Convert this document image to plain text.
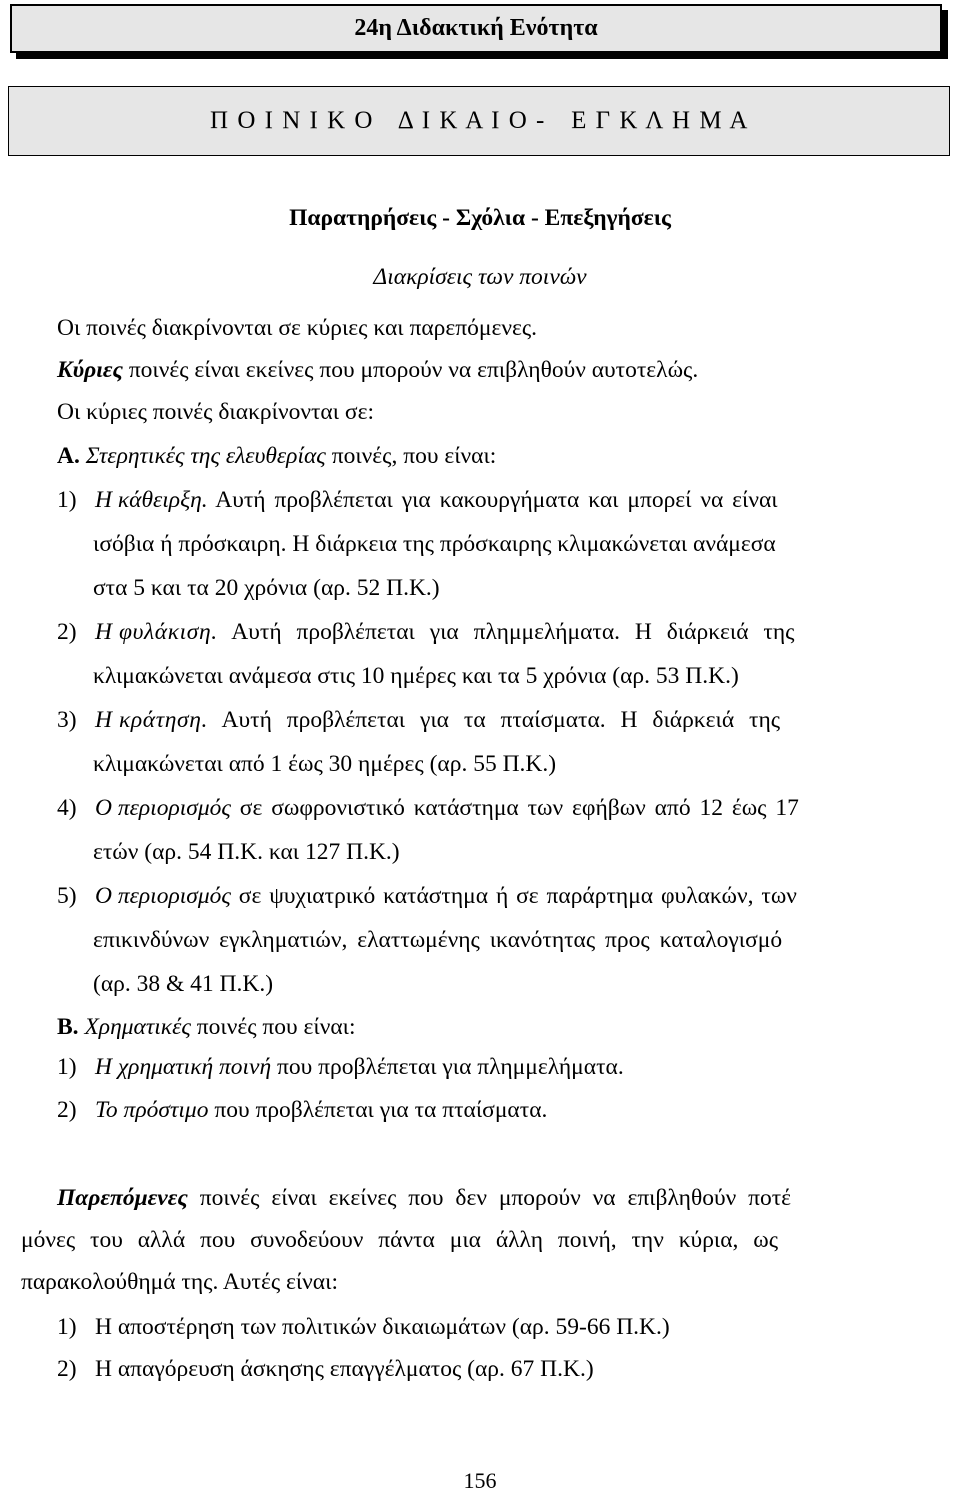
24η Διδακτική Ενότητα
Π Ο Ι Ν Ι Κ Ο   Δ Ι Κ Α Ι Ο -   Ε Γ Κ Λ Η Μ Α
Παρατηρήσεις - Σχόλια - Επεξηγήσεις
Διακρίσεις των ποινών
Οι ποινές διακρίνονται σε κύριες και παρεπόμενες.
Κύριες ποινές είναι εκείνες που μπορούν να επιβληθούν αυτοτελώς.
Οι κύριες ποινές διακρίνονται σε:
Α. Στερητικές της ελευθερίας ποινές, που είναι:
1) Η κάθειρξη. Αυτή προβλέπεται για κακουργήματα και μπορεί να είναι
ισόβια ή πρόσκαιρη. Η διάρκεια της πρόσκαιρης κλιμακώνεται ανάμεσα
στα 5 και τα 20 χρόνια (αρ. 52 Π.Κ.)
2) Η φυλάκιση. Αυτή προβλέπεται για πλημμελήματα. Η διάρκειά της
κλιμακώνεται ανάμεσα στις 10 ημέρες και τα 5 χρόνια (αρ. 53 Π.Κ.)
3) Η κράτηση. Αυτή προβλέπεται για τα πταίσματα. Η διάρκειά της
κλιμακώνεται από 1 έως 30 ημέρες (αρ. 55 Π.Κ.)
4) Ο περιορισμός σε σωφρονιστικό κατάστημα των εφήβων από 12 έως 17
ετών (αρ. 54 Π.Κ. και 127 Π.Κ.)
5) Ο περιορισμός σε ψυχιατρικό κατάστημα ή σε παράρτημα φυλακών, των
επικινδύνων εγκληματιών, ελαττωμένης ικανότητας προς καταλογισμό
(αρ. 38 & 41 Π.Κ.)
Β. Χρηματικές ποινές που είναι:
1) Η χρηματική ποινή που προβλέπεται για πλημμελήματα.
2) Το πρόστιμο που προβλέπεται για τα πταίσματα.
Παρεπόμενες ποινές είναι εκείνες που δεν μπορούν να επιβληθούν ποτέ
μόνες του αλλά που συνοδεύουν πάντα μια άλλη ποινή, την κύρια, ως
παρακολούθημά της. Αυτές είναι:
1) Η αποστέρηση των πολιτικών δικαιωμάτων (αρ. 59-66 Π.Κ.)
2) Η απαγόρευση άσκησης επαγγέλματος (αρ. 67 Π.Κ.)
156
